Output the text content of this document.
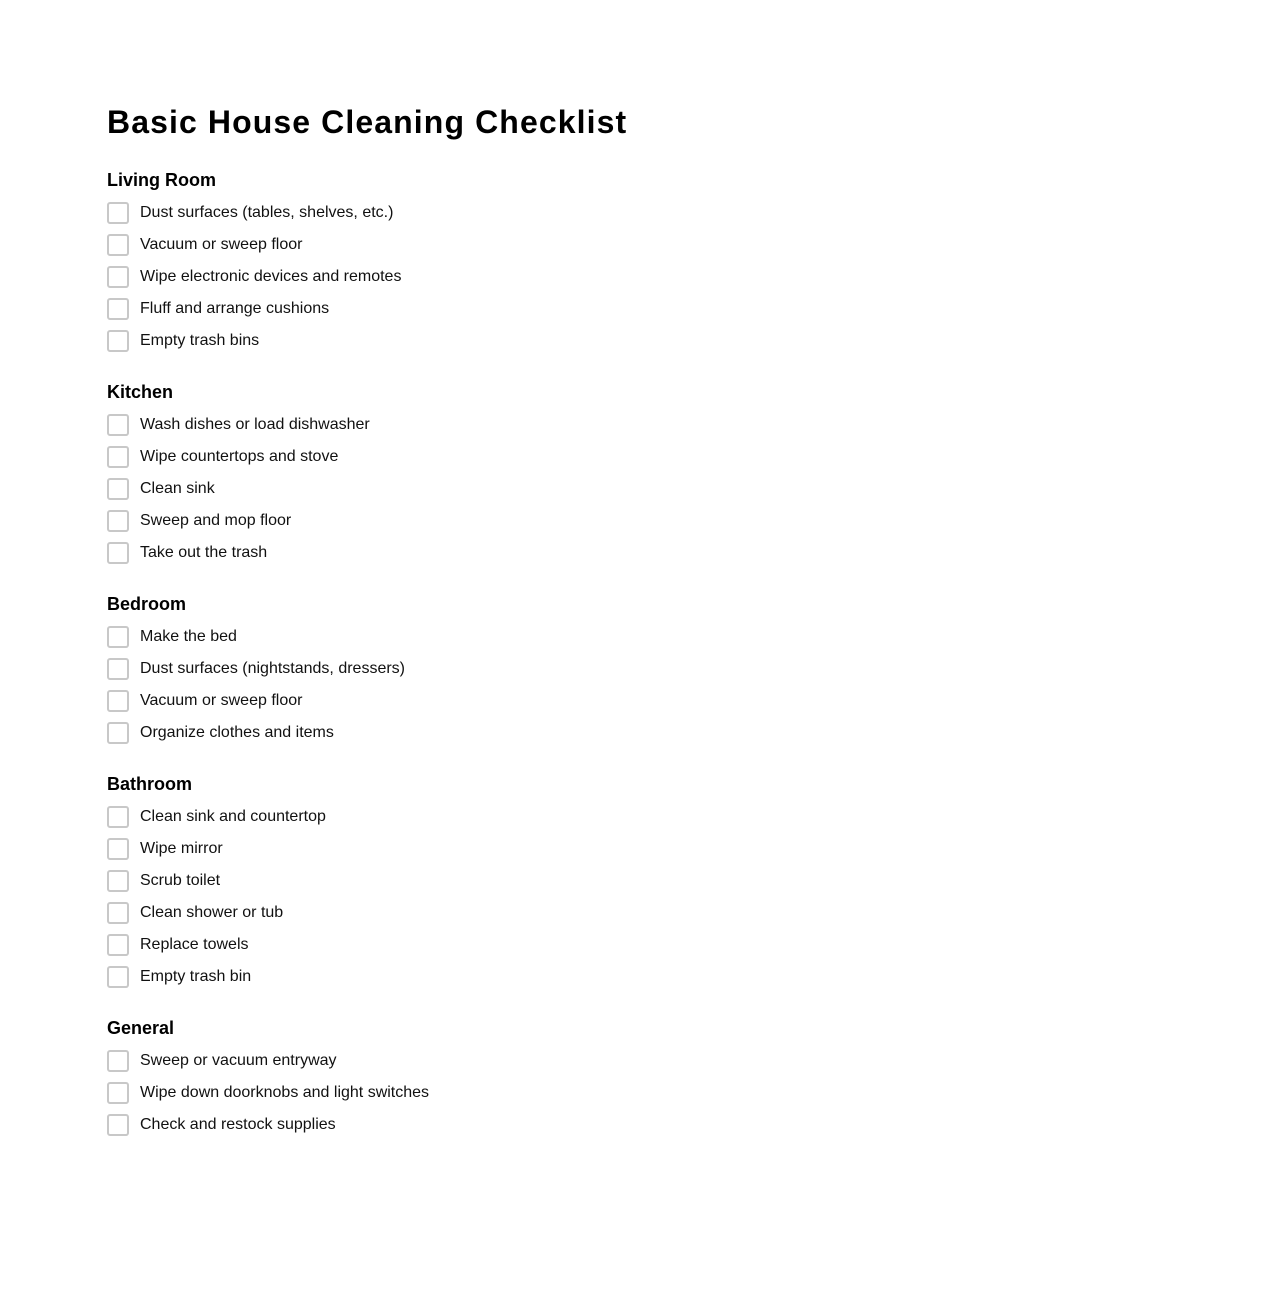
Basic House Cleaning Checklist
Living Room
Dust surfaces (tables, shelves, etc.)
Vacuum or sweep floor
Wipe electronic devices and remotes
Fluff and arrange cushions
Empty trash bins
Kitchen
Wash dishes or load dishwasher
Wipe countertops and stove
Clean sink
Sweep and mop floor
Take out the trash
Bedroom
Make the bed
Dust surfaces (nightstands, dressers)
Vacuum or sweep floor
Organize clothes and items
Bathroom
Clean sink and countertop
Wipe mirror
Scrub toilet
Clean shower or tub
Replace towels
Empty trash bin
General
Sweep or vacuum entryway
Wipe down doorknobs and light switches
Check and restock supplies
